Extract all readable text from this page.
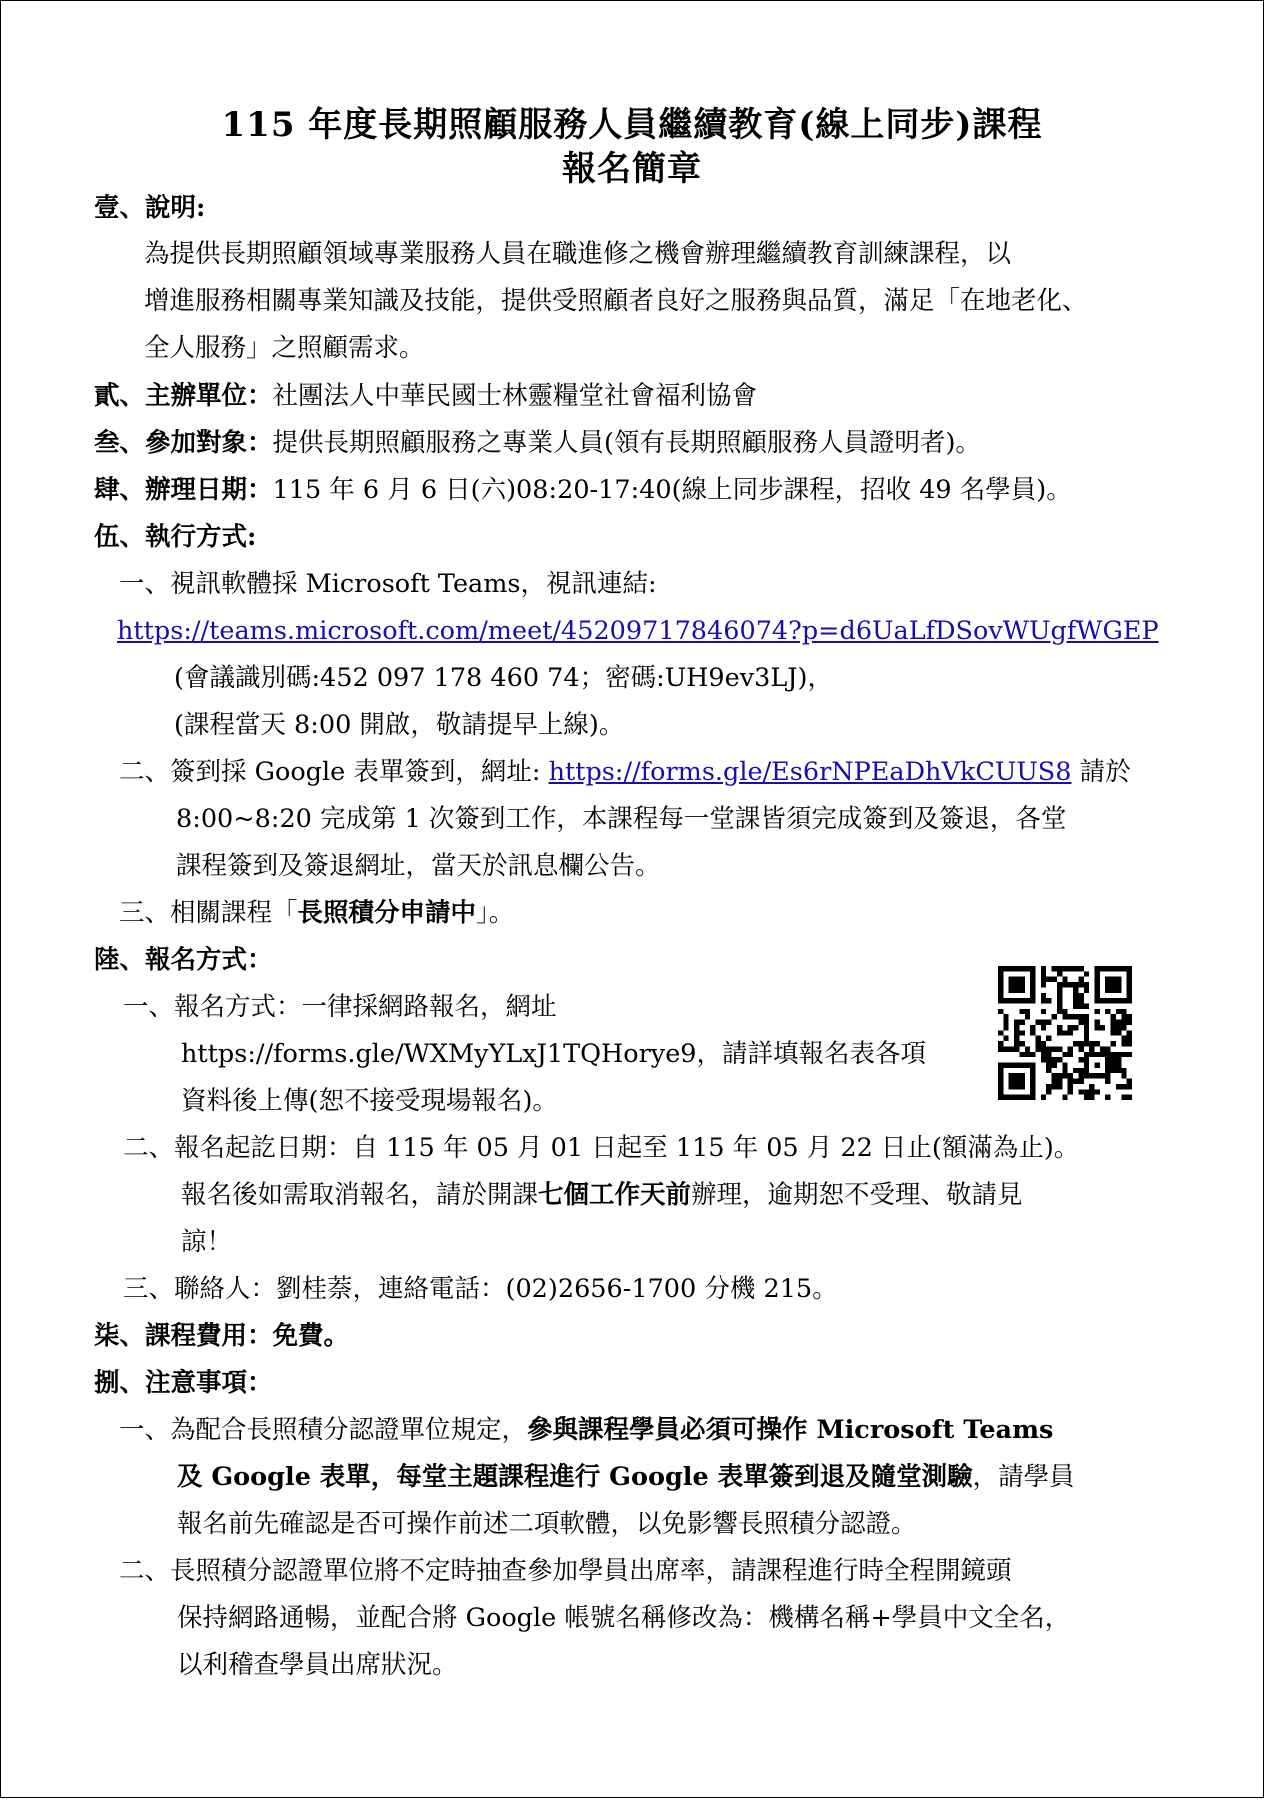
115 年度長期照顧服務人員繼續教育(線上同步)課程
報名簡章
壹、說明:
為提供長期照顧領域專業服務人員在職進修之機會辦理繼續教育訓練課程，以
增進服務相關專業知識及技能，提供受照顧者良好之服務與品質，滿足「在地老化、
全人服務」之照顧需求。
貳、主辦單位：社團法人中華民國士林靈糧堂社會福利協會
叁、參加對象：提供長期照顧服務之專業人員(領有長期照顧服務人員證明者)。
肆、辦理日期：115 年 6 月 6 日(六)08:20-17:40(線上同步課程，招收 49 名學員)。
伍、執行方式:
一、視訊軟體採 Microsoft Teams，視訊連結:
https://teams.microsoft.com/meet/45209717846074?p=d6UaLfDSovWUgfWGEP
(會議識別碼:452 097 178 460 74；密碼:UH9ev3LJ)，
(課程當天 8:00 開啟，敬請提早上線)。
二、簽到採 Google 表單簽到，網址: https://forms.gle/Es6rNPEaDhVkCUUS8 請於
8:00~8:20 完成第 1 次簽到工作，本課程每一堂課皆須完成簽到及簽退，各堂
課程簽到及簽退網址，當天於訊息欄公告。
三、相關課程「長照積分申請中」。
陸、報名方式：
一、報名方式：一律採網路報名，網址
https://forms.gle/WXMyYLxJ1TQHorye9，請詳填報名表各項
資料後上傳(恕不接受現場報名)。
二、報名起訖日期：自 115 年 05 月 01 日起至 115 年 05 月 22 日止(額滿為止)。
報名後如需取消報名，請於開課七個工作天前辦理，逾期恕不受理、敬請見
諒！
三、聯絡人：劉桂萘，連絡電話：(02)2656-1700 分機 215。
柒、課程費用：免費。
捌、注意事項：
一、為配合長照積分認證單位規定，參與課程學員必須可操作 Microsoft Teams
及 Google 表單，每堂主題課程進行 Google 表單簽到退及隨堂測驗，請學員
報名前先確認是否可操作前述二項軟體，以免影響長照積分認證。
二、長照積分認證單位將不定時抽查參加學員出席率，請課程進行時全程開鏡頭
保持網路通暢，並配合將 Google 帳號名稱修改為：機構名稱+學員中文全名，
以利稽查學員出席狀況。
